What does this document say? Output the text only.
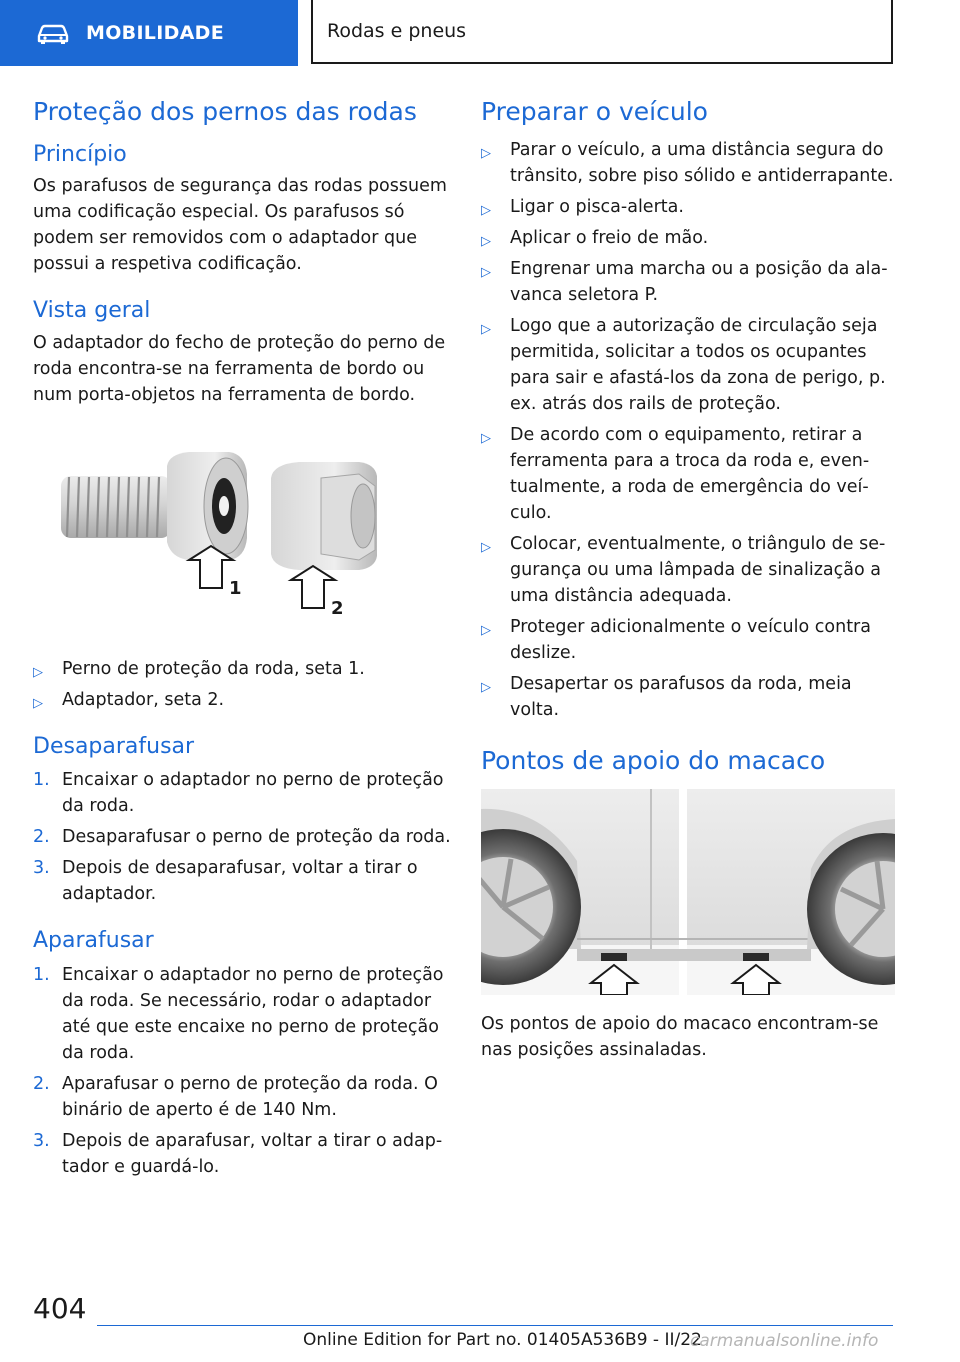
MOBILIDADE	Rodas e pneus
Proteção dos pernos das rodas
Princípio

Os parafusos de segurança das rodas possuem uma codificação especial. Os parafusos só podem ser removidos com o adaptador que possui a respetiva codificação.

Vista geral

O adaptador do fecho de proteção do perno de roda encontra-se na ferramenta de bordo ou num porta-objetos na ferramenta de bordo.

1
2
▷ Perno de proteção da roda, seta 1.
▷ Adaptador, seta 2.
Desaparafusar
1. Encaixar o adaptador no perno de proteção da roda.
2. Desaparafusar o perno de proteção da roda.
3. Depois de desaparafusar, voltar a tirar o adaptador.
Aparafusar
1. Encaixar o adaptador no perno de proteção da roda. Se necessário, rodar o adaptador até que este encaixe no perno de proteção da roda.
2. Aparafusar o perno de proteção da roda. O binário de aperto é de 140 Nm.
3. Depois de aparafusar, voltar a tirar o adaptador e guardá-lo.
Preparar o veículo
▷ Parar o veículo, a uma distância segura do trânsito, sobre piso sólido e antiderrapante.
▷ Ligar o pisca-alerta.
▷ Aplicar o freio de mão.
▷ Engrenar uma marcha ou a posição da alavanca seletora P.
▷ Logo que a autorização de circulação seja permitida, solicitar a todos os ocupantes para sair e afastá-los da zona de perigo, p. ex. atrás dos rails de proteção.
▷ De acordo com o equipamento, retirar a ferramenta para a troca da roda e, eventualmente, a roda de emergência do veículo.
▷ Colocar, eventualmente, o triângulo de segurança ou uma lâmpada de sinalização a uma distância adequada.
▷ Proteger adicionalmente o veículo contra deslize.
▷ Desapertar os parafusos da roda, meia volta.
Pontos de apoio do macaco

Os pontos de apoio do macaco encontram-se nas posições assinaladas.

404
Online Edition for Part no. 01405A536B9 - II/22
carmanualsonline.info
